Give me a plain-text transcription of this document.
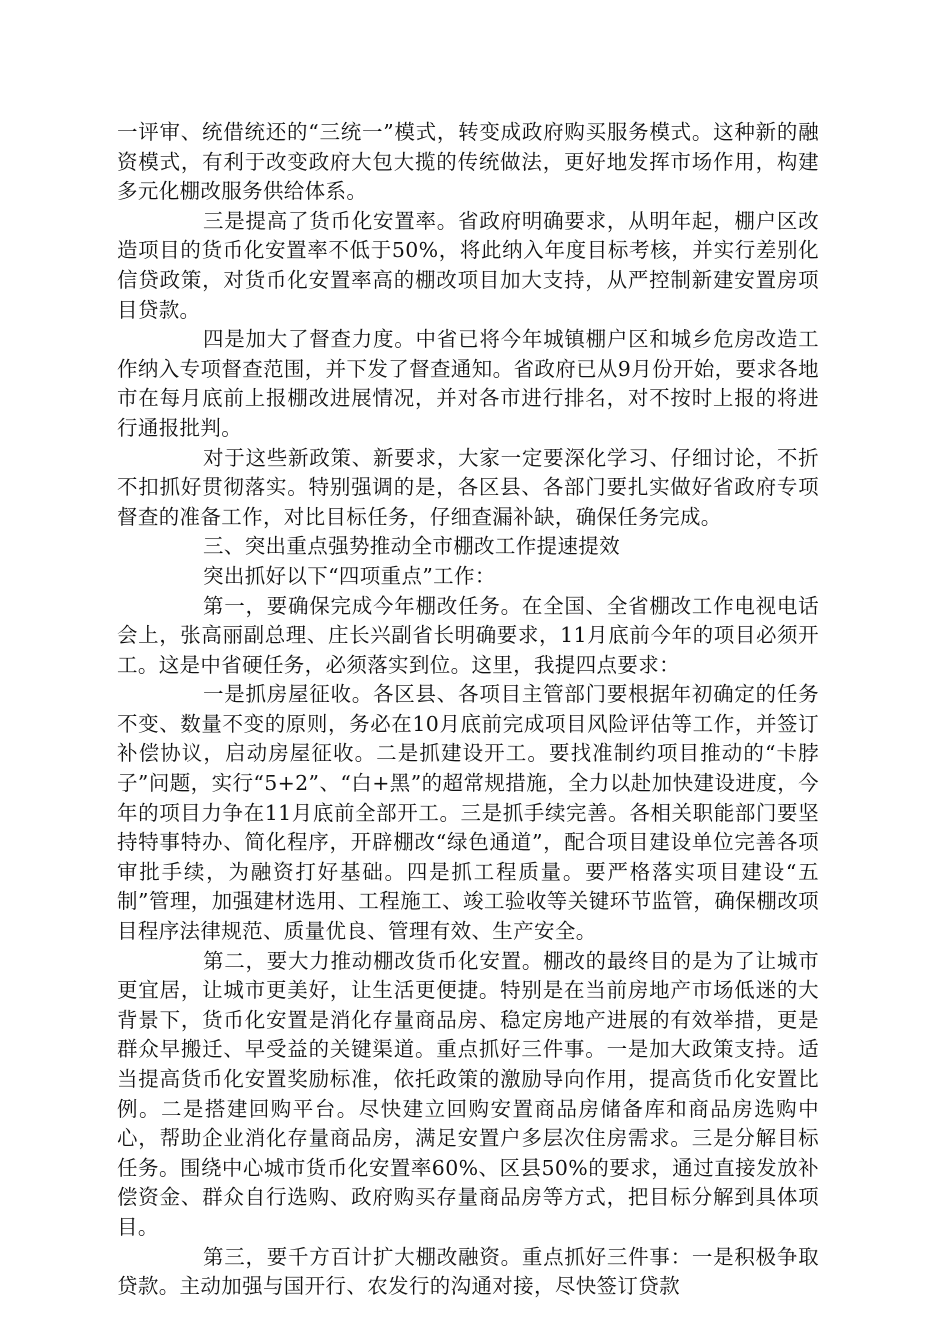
一评审、统借统还的“三统一”模式，转变成政府购买服务模式。这种新的融资模式，有利于改变政府大包大揽的传统做法，更好地发挥市场作用，构建多元化棚改服务供给体系。

三是提高了货币化安置率。省政府明确要求，从明年起，棚户区改造项目的货币化安置率不低于50%，将此纳入年度目标考核，并实行差别化信贷政策，对货币化安置率高的棚改项目加大支持，从严控制新建安置房项目贷款。

四是加大了督查力度。中省已将今年城镇棚户区和城乡危房改造工作纳入专项督查范围，并下发了督查通知。省政府已从9月份开始，要求各地市在每月底前上报棚改进展情况，并对各市进行排名，对不按时上报的将进行通报批判。

对于这些新政策、新要求，大家一定要深化学习、仔细讨论，不折不扣抓好贯彻落实。特别强调的是，各区县、各部门要扎实做好省政府专项督查的准备工作，对比目标任务，仔细查漏补缺，确保任务完成。

三、突出重点强势推动全市棚改工作提速提效

突出抓好以下“四项重点”工作：

第一，要确保完成今年棚改任务。在全国、全省棚改工作电视电话会上，张高丽副总理、庄长兴副省长明确要求，11月底前今年的项目必须开工。这是中省硬任务，必须落实到位。这里，我提四点要求：

一是抓房屋征收。各区县、各项目主管部门要根据年初确定的任务不变、数量不变的原则，务必在10月底前完成项目风险评估等工作，并签订补偿协议，启动房屋征收。二是抓建设开工。要找准制约项目推动的“卡脖子”问题，实行“5+2”、“白+黑”的超常规措施，全力以赴加快建设进度，今年的项目力争在11月底前全部开工。三是抓手续完善。各相关职能部门要坚持特事特办、简化程序，开辟棚改“绿色通道”，配合项目建设单位完善各项审批手续，为融资打好基础。四是抓工程质量。要严格落实项目建设“五制”管理，加强建材选用、工程施工、竣工验收等关键环节监管，确保棚改项目程序法律规范、质量优良、管理有效、生产安全。

第二，要大力推动棚改货币化安置。棚改的最终目的是为了让城市更宜居，让城市更美好，让生活更便捷。特别是在当前房地产市场低迷的大背景下，货币化安置是消化存量商品房、稳定房地产进展的有效举措，更是群众早搬迁、早受益的关键渠道。重点抓好三件事。一是加大政策支持。适当提高货币化安置奖励标准，依托政策的激励导向作用，提高货币化安置比例。二是搭建回购平台。尽快建立回购安置商品房储备库和商品房选购中心，帮助企业消化存量商品房，满足安置户多层次住房需求。三是分解目标任务。围绕中心城市货币化安置率60%、区县50%的要求，通过直接发放补偿资金、群众自行选购、政府购买存量商品房等方式，把目标分解到具体项目。

第三，要千方百计扩大棚改融资。重点抓好三件事：一是积极争取贷款。主动加强与国开行、农发行的沟通对接，尽快签订贷款
